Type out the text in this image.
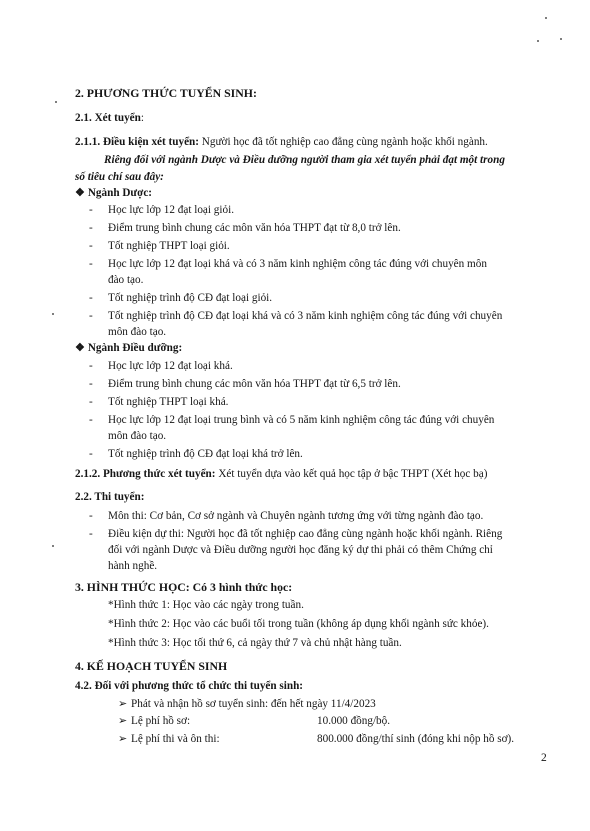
2. PHƯƠNG THỨC TUYỂN SINH:
2.1. Xét tuyển:
2.1.1. Điều kiện xét tuyển: Người học đã tốt nghiệp cao đẳng cùng ngành hoặc khối ngành.
Riêng đối với ngành Dược và Điều dưỡng người tham gia xét tuyển phải đạt một trong
số tiêu chí sau đây:
❖ Ngành Dược:
- Học lực lớp 12 đạt loại giỏi.
- Điểm trung bình chung các môn văn hóa THPT đạt từ 8,0 trở lên.
- Tốt nghiệp THPT loại giỏi.
- Học lực lớp 12 đạt loại khá và có 3 năm kinh nghiệm công tác đúng với chuyên môn
đào tạo.
- Tốt nghiệp trình độ CĐ đạt loại giỏi.
- Tốt nghiệp trình độ CĐ đạt loại khá và có 3 năm kinh nghiệm công tác đúng với chuyên
môn đào tạo.
❖ Ngành Điều dưỡng:
- Học lực lớp 12 đạt loại khá.
- Điểm trung bình chung các môn văn hóa THPT đạt từ 6,5 trở lên.
- Tốt nghiệp THPT loại khá.
- Học lực lớp 12 đạt loại trung bình và có 5 năm kinh nghiệm công tác đúng với chuyên
môn đào tạo.
- Tốt nghiệp trình độ CĐ đạt loại khá trở lên.
2.1.2. Phương thức xét tuyển: Xét tuyển dựa vào kết quả học tập ở bậc THPT (Xét học bạ)
2.2. Thi tuyển:
- Môn thi: Cơ bản, Cơ sở ngành và Chuyên ngành tương ứng với từng ngành đào tạo.
- Điều kiện dự thi: Người học đã tốt nghiệp cao đẳng cùng ngành hoặc khối ngành. Riêng
đối với ngành Dược và Điều dưỡng người học đăng ký dự thi phải có thêm Chứng chỉ
hành nghề.
3. HÌNH THỨC HỌC: Có 3 hình thức học:
*Hình thức 1: Học vào các ngày trong tuần.
*Hình thức 2: Học vào các buổi tối trong tuần (không áp dụng khối ngành sức khỏe).
*Hình thức 3: Học tối thứ 6, cả ngày thứ 7 và chủ nhật hàng tuần.
4. KẾ HOẠCH TUYỂN SINH
4.2. Đối với phương thức tổ chức thi tuyển sinh:
➢ Phát và nhận hồ sơ tuyển sinh: đến hết ngày 11/4/2023
➢ Lệ phí hồ sơ:	10.000 đồng/bộ.
➢ Lệ phí thi và ôn thi:	800.000 đồng/thí sinh (đóng khi nộp hồ sơ).
2
